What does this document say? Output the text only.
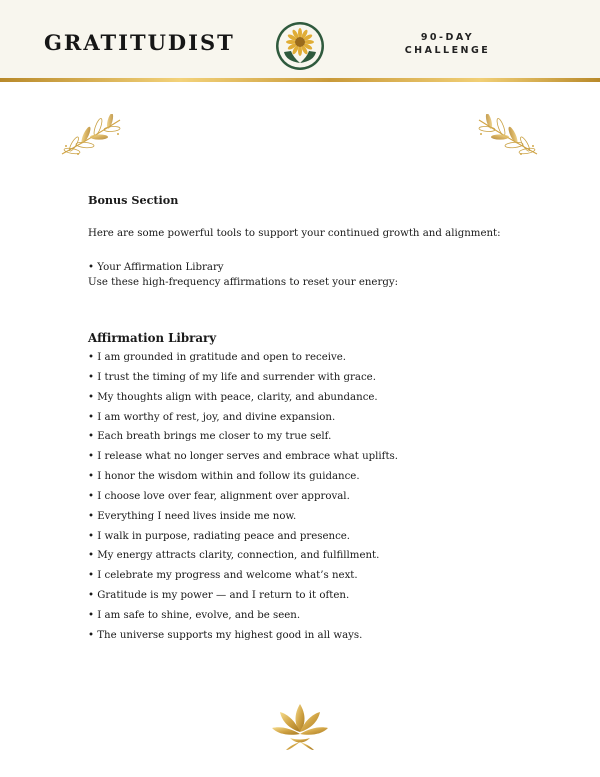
GRATITUDIST	90-DAY
CHALLENGE
Bonus Section
Here are some powerful tools to support your continued growth and alignment:
• Your Affirmation Library
Use these high-frequency affirmations to reset your energy:
Affirmation Library
• I am grounded in gratitude and open to receive.
• I trust the timing of my life and surrender with grace.
• My thoughts align with peace, clarity, and abundance.
• I am worthy of rest, joy, and divine expansion.
• Each breath brings me closer to my true self.
• I release what no longer serves and embrace what uplifts.
• I honor the wisdom within and follow its guidance.
• I choose love over fear, alignment over approval.
• Everything I need lives inside me now.
• I walk in purpose, radiating peace and presence.
• My energy attracts clarity, connection, and fulfillment.
• I celebrate my progress and welcome what’s next.
• Gratitude is my power — and I return to it often.
• I am safe to shine, evolve, and be seen.
• The universe supports my highest good in all ways.
